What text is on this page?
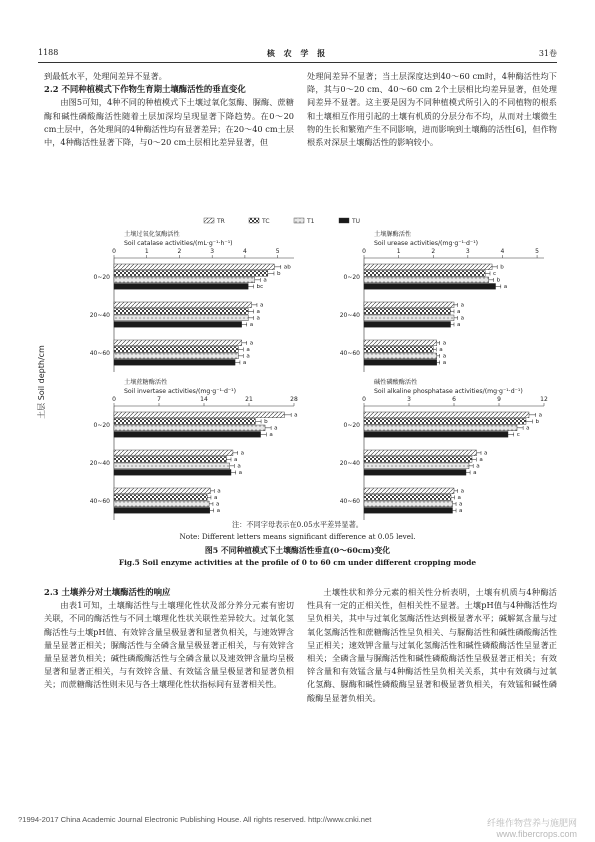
1188	核 农 学 报	31卷

到最低水平，处理间差异不显著。

2.2 不同种植模式下作物生育期土壤酶活性的垂直变化

由图5可知，4种不同的种植模式下土壤过氧化氢酶、脲酶、蔗糖酶和碱性磷酸酶活性随着土层加深均呈现显著下降趋势。在0～20 cm土层中，各处理间的4种酶活性均有显著差异；在20～40 cm土层中，4种酶活性显著下降，与0～20 cm土层相比差异显著，但

处理间差异不显著；当土层深度达到40～60 cm时，4种酶活性均下降，其与0～20 cm、40～60 cm 2个土层相比均差异显著，但处理间差异不显著。这主要是因为不同种植模式所引入的不同植物的根系和土壤相互作用引起的土壤有机质的分层分布不均，从而对土壤微生物的生长和繁殖产生不同影响，进而影响到土壤酶的活性[6]，但作物根系对深层土壤酶活性的影响较小。

TR	TC	T1	TU
土层 Soil depth/cm
土壤过氧化氢酶活性
Soil catalase activities/(mL·g⁻¹·h⁻¹)
0	1	2	3	4	5
0~20
ab
b
a
bc
20~40
a
a
a
a
40~60
a
a
a
a
土壤脲酶活性
Soil urease activities/(mg·g⁻¹·d⁻¹)
0	1	2	3	4	5
0~20
b
c
b
a
20~40
a
a
a
a
40~60
a
a
a
a
土壤蔗糖酶活性
Soil invertase activities/(mg·g⁻¹·d⁻¹)
0	7	14	21	28
0~20
a
b
a
a
20~40
a
a
a
a
40~60
a
a
a
a
碱性磷酸酶活性
Soil alkaline phosphatase activities/(mg·g⁻¹·d⁻¹)
0	3	6	9	12
0~20
a
b
a
c
20~40
a
a
a
a
40~60
a
a
a
a
注：不同字母表示在0.05水平差异显著。
Note: Different letters means significant difference at 0.05 level.
图5 不同种植模式下土壤酶活性垂直(0～60cm)变化
Fig.5 Soil enzyme activities at the profile of 0 to 60 cm under different cropping mode

2.3 土壤养分对土壤酶活性的响应

由表1可知，土壤酶活性与土壤理化性状及部分养分元素有密切关联，不同的酶活性与不同土壤理化性状关联性差异较大。过氧化氢酶活性与土壤pH值、有效锌含量呈极显著和显著负相关，与速效钾含量呈显著正相关；脲酶活性与全磷含量呈极显著正相关，与有效锌含量呈显著负相关；碱性磷酸酶活性与全磷含量以及速效钾含量均呈极显著和显著正相关，与有效锌含量、有效锰含量呈极显著和显著负相关；而蔗糖酶活性则未见与各土壤理化性状指标间有显著相关性。

土壤性状和养分元素的相关性分析表明，土壤有机质与4种酶活性具有一定的正相关性，但相关性不显著。土壤pH值与4种酶活性均呈负相关，其中与过氧化氢酶活性达到极显著水平；碱解氮含量与过氧化氢酶活性和蔗糖酶活性呈负相关、与脲酶活性和碱性磷酸酶活性呈正相关；速效钾含量与过氧化氢酶活性和碱性磷酸酶活性呈显著正相关；全磷含量与脲酶活性和碱性磷酸酶活性呈极显著正相关；有效锌含量和有效锰含量与4种酶活性呈负相关关系，其中有效磷与过氧化氢酶、脲酶和碱性磷酸酶呈显著和极显著负相关，有效锰和碱性磷酸酶呈显著负相关。

?1994-2017 China Academic Journal Electronic Publishing House. All rights reserved. http://www.cnki.net	纤维作物营养与施肥网
www.fibercrops.com
